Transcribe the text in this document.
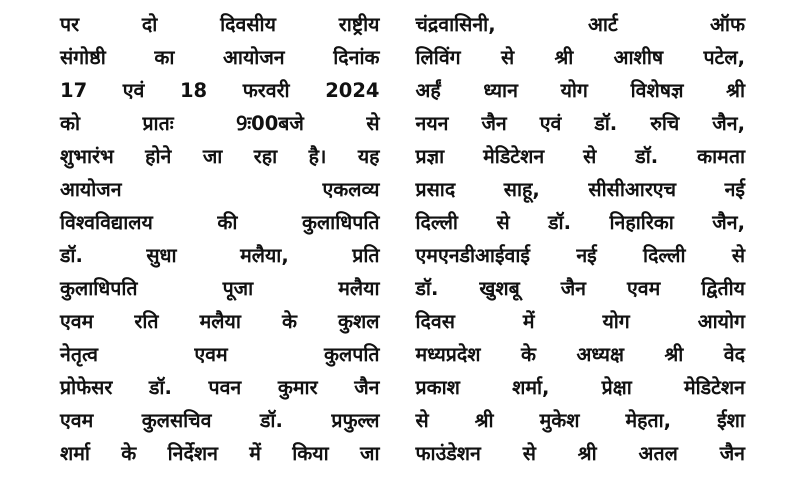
पर दो दिवसीय राष्ट्रीय
संगोष्ठी का आयोजन दिनांक
17 एवं 18 फरवरी 2024
को प्रातः 9ः00बजे से
शुभारंभ होने जा रहा है। यह
आयोजन एकलव्य
विश्वविद्यालय की कुलाधिपति
डॉ. सुधा मलैया, प्रति
कुलाधिपति पूजा मलैया
एवम रति मलैया के कुशल
नेतृत्व एवम कुलपति
प्रोफेसर डॉ. पवन कुमार जैन
एवम कुलसचिव डॉ. प्रफुल्ल
शर्मा के निर्देशन में किया जा

चंद्रवासिनी, आर्ट ऑफ
लिविंग से श्री आशीष पटेल,
अर्हं ध्यान योग विशेषज्ञ श्री
नयन जैन एवं डॉ. रुचि जैन,
प्रज्ञा मेडिटेशन से डॉ. कामता
प्रसाद साहू, सीसीआरएच नई
दिल्ली से डॉ. निहारिका जैन,
एमएनडीआईवाई नई दिल्ली से
डॉ. खुशबू जैन एवम द्वितीय
दिवस में योग आयोग
मध्यप्रदेश के अध्यक्ष श्री वेद
प्रकाश शर्मा, प्रेक्षा मेडिटेशन
से श्री मुकेश मेहता, ईशा
फाउंडेशन से श्री अतल जैन
